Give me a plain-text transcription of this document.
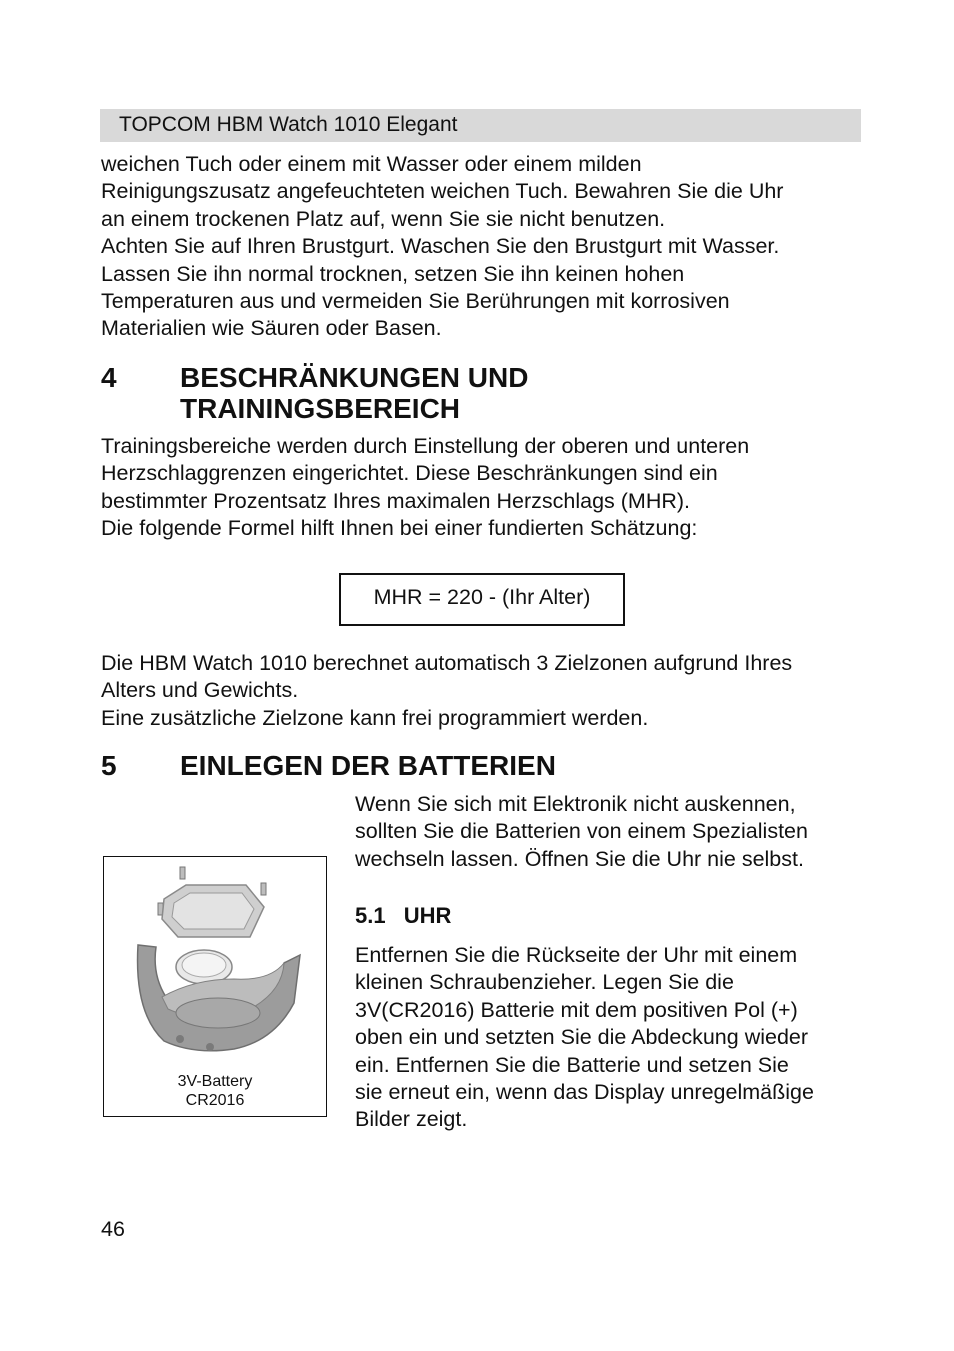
TOPCOM HBM Watch 1010 Elegant

weichen Tuch oder einem mit Wasser oder einem milden

Reinigungszusatz angefeuchteten weichen Tuch. Bewahren Sie die Uhr

an einem trockenen Platz auf, wenn Sie sie nicht benutzen.

Achten Sie auf Ihren Brustgurt. Waschen Sie den Brustgurt mit Wasser.

Lassen Sie ihn normal trocknen, setzen Sie ihn keinen hohen

Temperaturen aus und vermeiden Sie Berührungen mit korrosiven

Materialien wie Säuren oder Basen.

4 BESCHRÄNKUNGEN UND
TRAININGSBEREICH

Trainingsbereiche werden durch Einstellung der oberen und unteren

Herzschlaggrenzen eingerichtet. Diese Beschränkungen sind ein

bestimmter Prozentsatz Ihres maximalen Herzschlags (MHR).

Die folgende Formel hilft Ihnen bei einer fundierten Schätzung:

MHR = 220 - (Ihr Alter)

Die HBM Watch 1010 berechnet automatisch 3 Zielzonen aufgrund Ihres

Alters und Gewichts.

Eine zusätzliche Zielzone kann frei programmiert werden.

5 EINLEGEN DER BATTERIEN

Wenn Sie sich mit Elektronik nicht auskennen,

sollten Sie die Batterien von einem Spezialisten

wechseln lassen. Öffnen Sie die Uhr nie selbst.

3V-Battery
CR2016
5.1 UHR

Entfernen Sie die Rückseite der Uhr mit einem

kleinen Schraubenzieher. Legen Sie die

3V(CR2016) Batterie mit dem positiven Pol (+)

oben ein und setzten Sie die Abdeckung wieder

ein. Entfernen Sie die Batterie und setzen Sie

sie erneut ein, wenn das Display unregelmäßige

Bilder zeigt.

46
